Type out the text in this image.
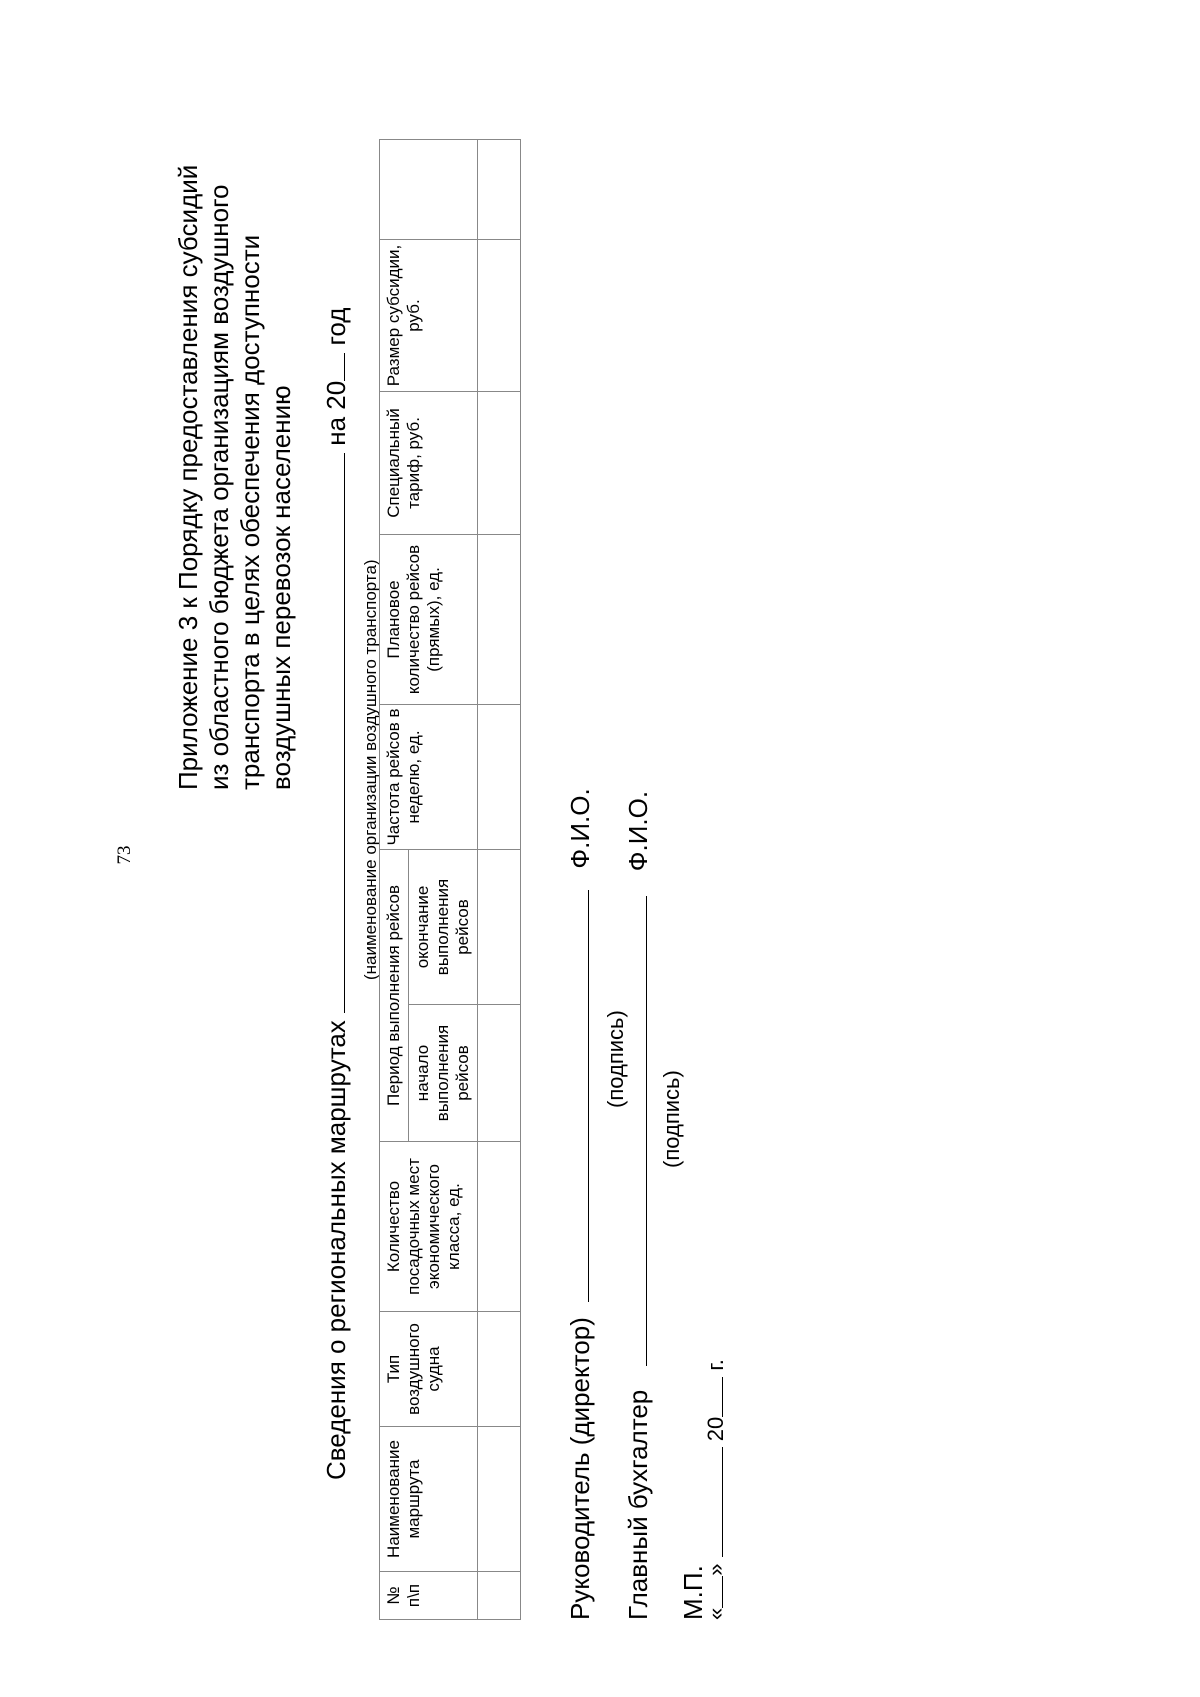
73
Приложение 3 к Порядку предоставления субсидий из областного бюджета организациям воздушного транспорта в целях обеспечения доступности воздушных перевозок населению
Сведения о региональных маршрутах  на 20 год
(наименование организации воздушного транспорта)
№ п\п	Наименование маршрута	Тип воздушного судна	Количество посадочных мест экономического класса, ед.	Период выполнения рейсов		Частота рейсов в неделю, ед.	Плановое количество рейсов (прямых), ед.	Специальный тариф, руб.	Размер субсидии, руб.	
				начало выполнения рейсов	окончание выполнения рейсов					

Руководитель (директор)  Ф.И.О.
(подпись)
Главный бухгалтер  Ф.И.О.
(подпись)
М.П.
«»  20 г.
